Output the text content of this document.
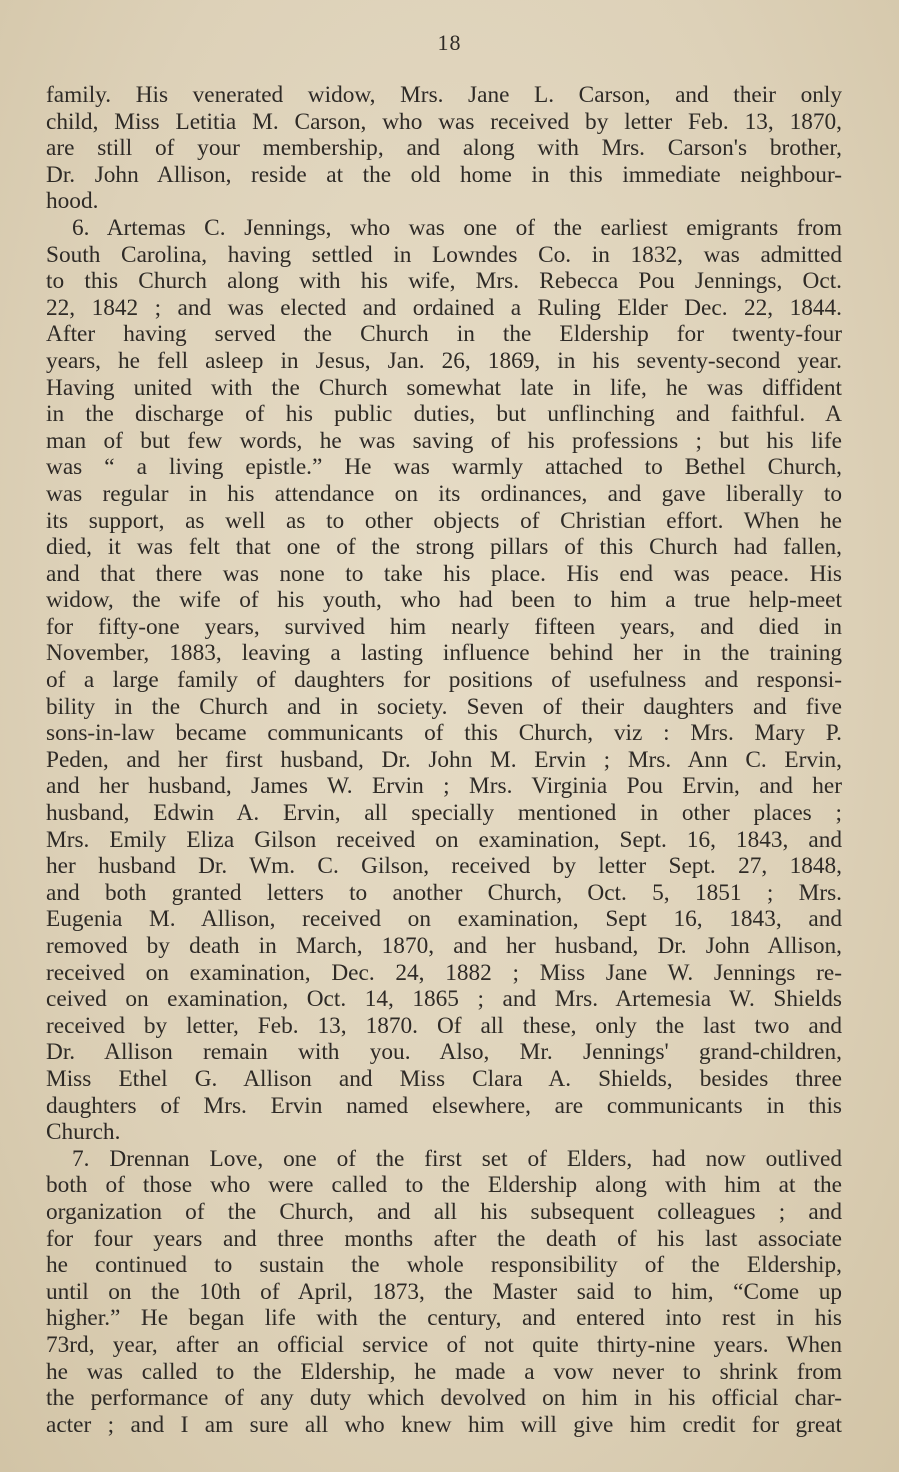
18
family. His venerated widow, Mrs. Jane L. Carson, and their only
child, Miss Letitia M. Carson, who was received by letter Feb. 13, 1870,
are still of your membership, and along with Mrs. Carson's brother,
Dr. John Allison, reside at the old home in this immediate neighbour-
hood.
6. Artemas C. Jennings, who was one of the earliest emigrants from
South Carolina, having settled in Lowndes Co. in 1832, was admitted
to this Church along with his wife, Mrs. Rebecca Pou Jennings, Oct.
22, 1842 ; and was elected and ordained a Ruling Elder Dec. 22, 1844.
After having served the Church in the Eldership for twenty-four
years, he fell asleep in Jesus, Jan. 26, 1869, in his seventy-second year.
Having united with the Church somewhat late in life, he was diffident
in the discharge of his public duties, but unflinching and faithful. A
man of but few words, he was saving of his professions ; but his life
was “ a living epistle.” He was warmly attached to Bethel Church,
was regular in his attendance on its ordinances, and gave liberally to
its support, as well as to other objects of Christian effort. When he
died, it was felt that one of the strong pillars of this Church had fallen,
and that there was none to take his place. His end was peace. His
widow, the wife of his youth, who had been to him a true help-meet
for fifty-one years, survived him nearly fifteen years, and died in
November, 1883, leaving a lasting influence behind her in the training
of a large family of daughters for positions of usefulness and responsi-
bility in the Church and in society. Seven of their daughters and five
sons-in-law became communicants of this Church, viz : Mrs. Mary P.
Peden, and her first husband, Dr. John M. Ervin ; Mrs. Ann C. Ervin,
and her husband, James W. Ervin ; Mrs. Virginia Pou Ervin, and her
husband, Edwin A. Ervin, all specially mentioned in other places ;
Mrs. Emily Eliza Gilson received on examination, Sept. 16, 1843, and
her husband Dr. Wm. C. Gilson, received by letter Sept. 27, 1848,
and both granted letters to another Church, Oct. 5, 1851 ; Mrs.
Eugenia M. Allison, received on examination, Sept 16, 1843, and
removed by death in March, 1870, and her husband, Dr. John Allison,
received on examination, Dec. 24, 1882 ; Miss Jane W. Jennings re-
ceived on examination, Oct. 14, 1865 ; and Mrs. Artemesia W. Shields
received by letter, Feb. 13, 1870. Of all these, only the last two and
Dr. Allison remain with you. Also, Mr. Jennings' grand-children,
Miss Ethel G. Allison and Miss Clara A. Shields, besides three
daughters of Mrs. Ervin named elsewhere, are communicants in this
Church.
7. Drennan Love, one of the first set of Elders, had now outlived
both of those who were called to the Eldership along with him at the
organization of the Church, and all his subsequent colleagues ; and
for four years and three months after the death of his last associate
he continued to sustain the whole responsibility of the Eldership,
until on the 10th of April, 1873, the Master said to him, “Come up
higher.” He began life with the century, and entered into rest in his
73rd, year, after an official service of not quite thirty-nine years. When
he was called to the Eldership, he made a vow never to shrink from
the performance of any duty which devolved on him in his official char-
acter ; and I am sure all who knew him will give him credit for great
